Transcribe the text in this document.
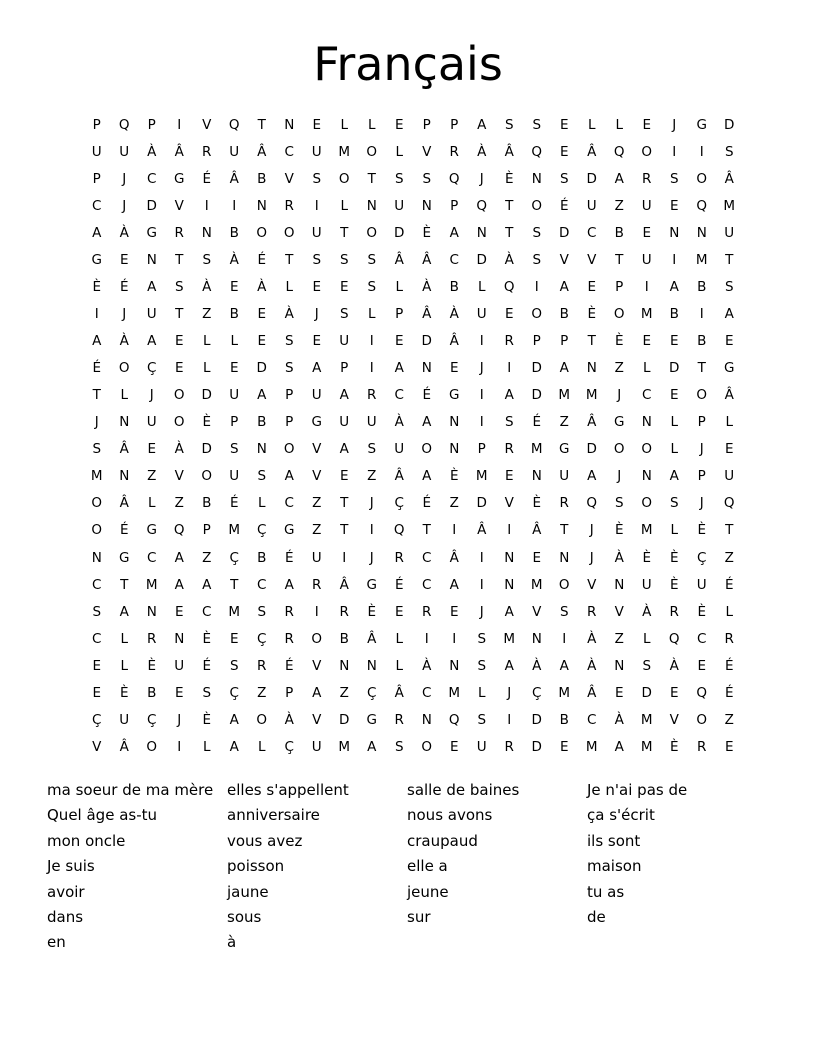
Français
P	Q	P	I	V	Q	T	N	E	L	L	E	P	P	A	S	S	E	L	L	E	J	G	D
U	U	À	Â	R	U	Â	C	U	M	O	L	V	R	À	Â	Q	E	Â	Q	O	I	I	S
P	J	C	G	É	Â	B	V	S	O	T	S	S	Q	J	È	N	S	D	A	R	S	O	Â
C	J	D	V	I	I	N	R	I	L	N	U	N	P	Q	T	O	É	U	Z	U	E	Q	M
A	À	G	R	N	B	O	O	U	T	O	D	È	A	N	T	S	D	C	B	E	N	N	U
G	E	N	T	S	À	É	T	S	S	S	Â	Â	C	D	À	S	V	V	T	U	I	M	T
È	É	A	S	À	E	À	L	E	E	S	L	À	B	L	Q	I	A	E	P	I	A	B	S
I	J	U	T	Z	B	E	À	J	S	L	P	Â	À	U	E	O	B	È	O	M	B	I	A
A	À	A	E	L	L	E	S	E	U	I	E	D	Â	I	R	P	P	T	È	E	E	B	E
É	O	Ç	E	L	E	D	S	A	P	I	A	N	E	J	I	D	A	N	Z	L	D	T	G
T	L	J	O	D	U	A	P	U	A	R	C	É	G	I	A	D	M	M	J	C	E	O	Â
J	N	U	O	È	P	B	P	G	U	U	À	A	N	I	S	É	Z	Â	G	N	L	P	L
S	Â	E	À	D	S	N	O	V	A	S	U	O	N	P	R	M	G	D	O	O	L	J	E
M	N	Z	V	O	U	S	A	V	E	Z	Â	A	È	M	E	N	U	A	J	N	A	P	U
O	Â	L	Z	B	É	L	C	Z	T	J	Ç	É	Z	D	V	È	R	Q	S	O	S	J	Q
O	É	G	Q	P	M	Ç	G	Z	T	I	Q	T	I	Â	I	Â	T	J	È	M	L	È	T
N	G	C	A	Z	Ç	B	É	U	I	J	R	C	Â	I	N	E	N	J	À	È	È	Ç	Z
C	T	M	A	A	T	C	A	R	Â	G	É	C	A	I	N	M	O	V	N	U	È	U	É
S	A	N	E	C	M	S	R	I	R	È	E	R	E	J	A	V	S	R	V	À	R	È	L
C	L	R	N	È	E	Ç	R	O	B	Â	L	I	I	S	M	N	I	À	Z	L	Q	C	R
E	L	È	U	É	S	R	É	V	N	N	L	À	N	S	A	À	A	À	N	S	À	E	É
E	È	B	E	S	Ç	Z	P	A	Z	Ç	Â	C	M	L	J	Ç	M	Â	E	D	E	Q	É
Ç	U	Ç	J	È	A	O	À	V	D	G	R	N	Q	S	I	D	B	C	À	M	V	O	Z
V	Â	O	I	L	A	L	Ç	U	M	A	S	O	E	U	R	D	E	M	A	M	È	R	E
ma soeur de ma mère
Quel âge as-tu
mon oncle
Je suis
avoir
dans
en
elles s'appellent
anniversaire
vous avez
poisson
jaune
sous
à
salle de baines
nous avons
craupaud
elle a
jeune
sur
Je n'ai pas de
ça s'écrit
ils sont
maison
tu as
de
